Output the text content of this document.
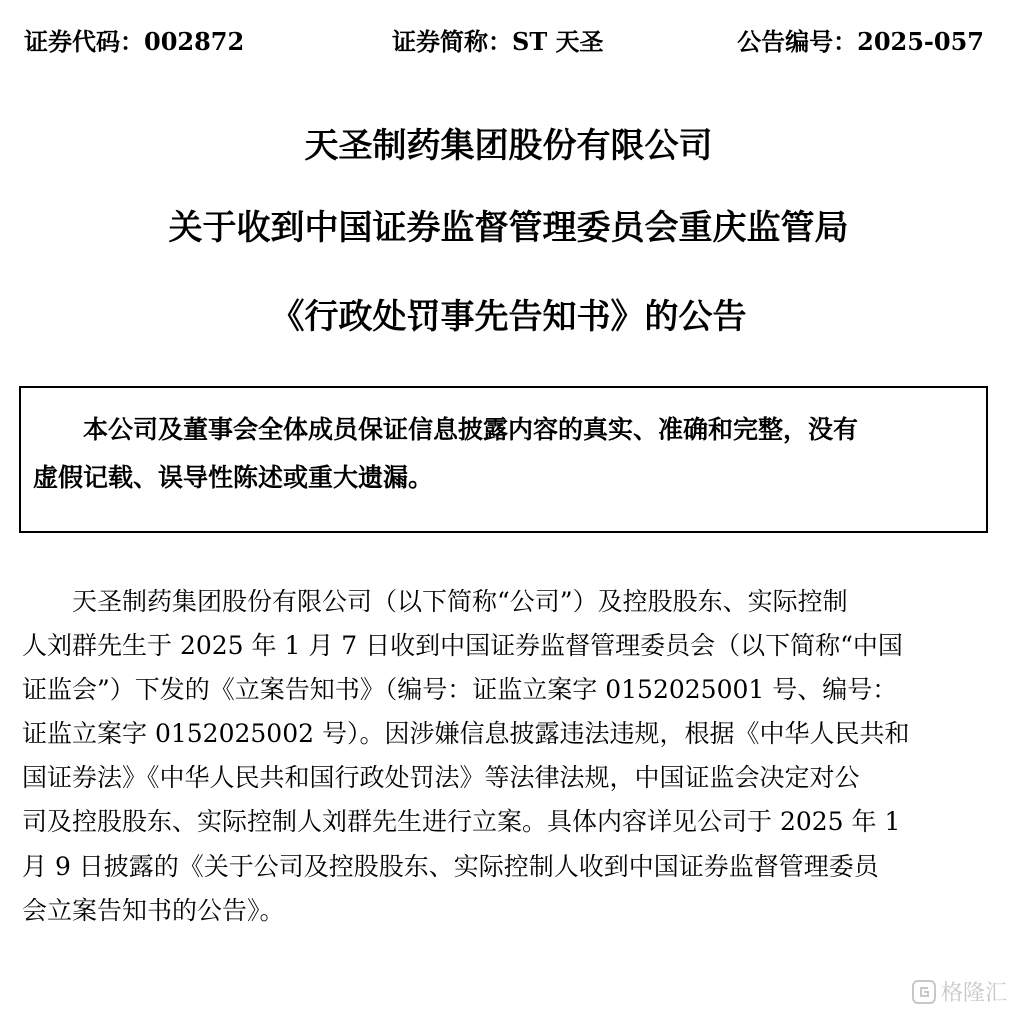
证券代码：002872	证券简称：ST 天圣	公告编号：2025-057
天圣制药集团股份有限公司
关于收到中国证券监督管理委员会重庆监管局
《行政处罚事先告知书》的公告
　　本公司及董事会全体成员保证信息披露内容的真实、准确和完整，没有
虚假记载、误导性陈述或重大遗漏。
　　天圣制药集团股份有限公司（以下简称“公司”）及控股股东、实际控制
人刘群先生于 2025 年 1 月 7 日收到中国证券监督管理委员会（以下简称“中国
证监会”）下发的《立案告知书》（编号：证监立案字 0152025001 号、编号：
证监立案字 0152025002 号）。因涉嫌信息披露违法违规，根据《中华人民共和
国证券法》《中华人民共和国行政处罚法》等法律法规，中国证监会决定对公
司及控股股东、实际控制人刘群先生进行立案。具体内容详见公司于 2025 年 1
月 9 日披露的《关于公司及控股股东、实际控制人收到中国证券监督管理委员
会立案告知书的公告》。
格隆汇
